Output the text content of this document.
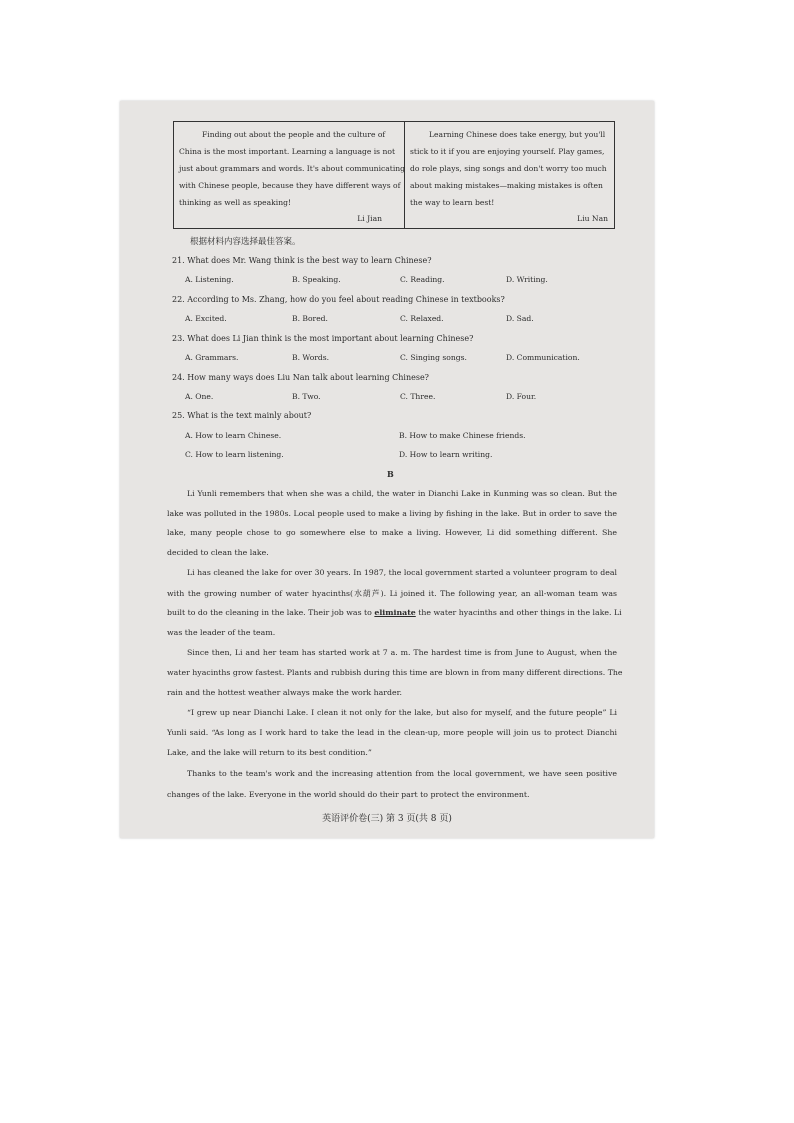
Finding out about the people and the culture of
China is the most important. Learning a language is not
just about grammars and words. It's about communicating
with Chinese people, because they have different ways of
thinking as well as speaking!
Li Jian
Learning Chinese does take energy, but you'll
stick to it if you are enjoying yourself. Play games,
do role plays, sing songs and don't worry too much
about making mistakes—making mistakes is often
the way to learn best!
Liu Nan
根据材料内容选择最佳答案。
21. What does Mr. Wang think is the best way to learn Chinese?
A. Listening.	B. Speaking.	C. Reading.	D. Writing.
22. According to Ms. Zhang, how do you feel about reading Chinese in textbooks?
A. Excited.	B. Bored.	C. Relaxed.	D. Sad.
23. What does Li Jian think is the most important about learning Chinese?
A. Grammars.	B. Words.	C. Singing songs.	D. Communication.
24. How many ways does Liu Nan talk about learning Chinese?
A. One.	B. Two.	C. Three.	D. Four.
25. What is the text mainly about?
A. How to learn Chinese.	B. How to make Chinese friends.
C. How to learn listening.	D. How to learn writing.
B
Li Yunli remembers that when she was a child, the water in Dianchi Lake in Kunming was so clean. But the
lake was polluted in the 1980s. Local people used to make a living by fishing in the lake. But in order to save the
lake, many people chose to go somewhere else to make a living. However, Li did something different. She
decided to clean the lake.
Li has cleaned the lake for over 30 years. In 1987, the local government started a volunteer program to deal
with the growing number of water hyacinths(水葫芦). Li joined it. The following year, an all-woman team was
built to do the cleaning in the lake. Their job was to eliminate the water hyacinths and other things in the lake. Li
was the leader of the team.
Since then, Li and her team has started work at 7 a. m. The hardest time is from June to August, when the
water hyacinths grow fastest. Plants and rubbish during this time are blown in from many different directions. The
rain and the hottest weather always make the work harder.
“I grew up near Dianchi Lake. I clean it not only for the lake, but also for myself, and the future people” Li
Yunli said. “As long as I work hard to take the lead in the clean-up, more people will join us to protect Dianchi
Lake, and the lake will return to its best condition.”
Thanks to the team's work and the increasing attention from the local government, we have seen positive
changes of the lake. Everyone in the world should do their part to protect the environment.
英语评价卷(三) 第 3 页(共 8 页)
